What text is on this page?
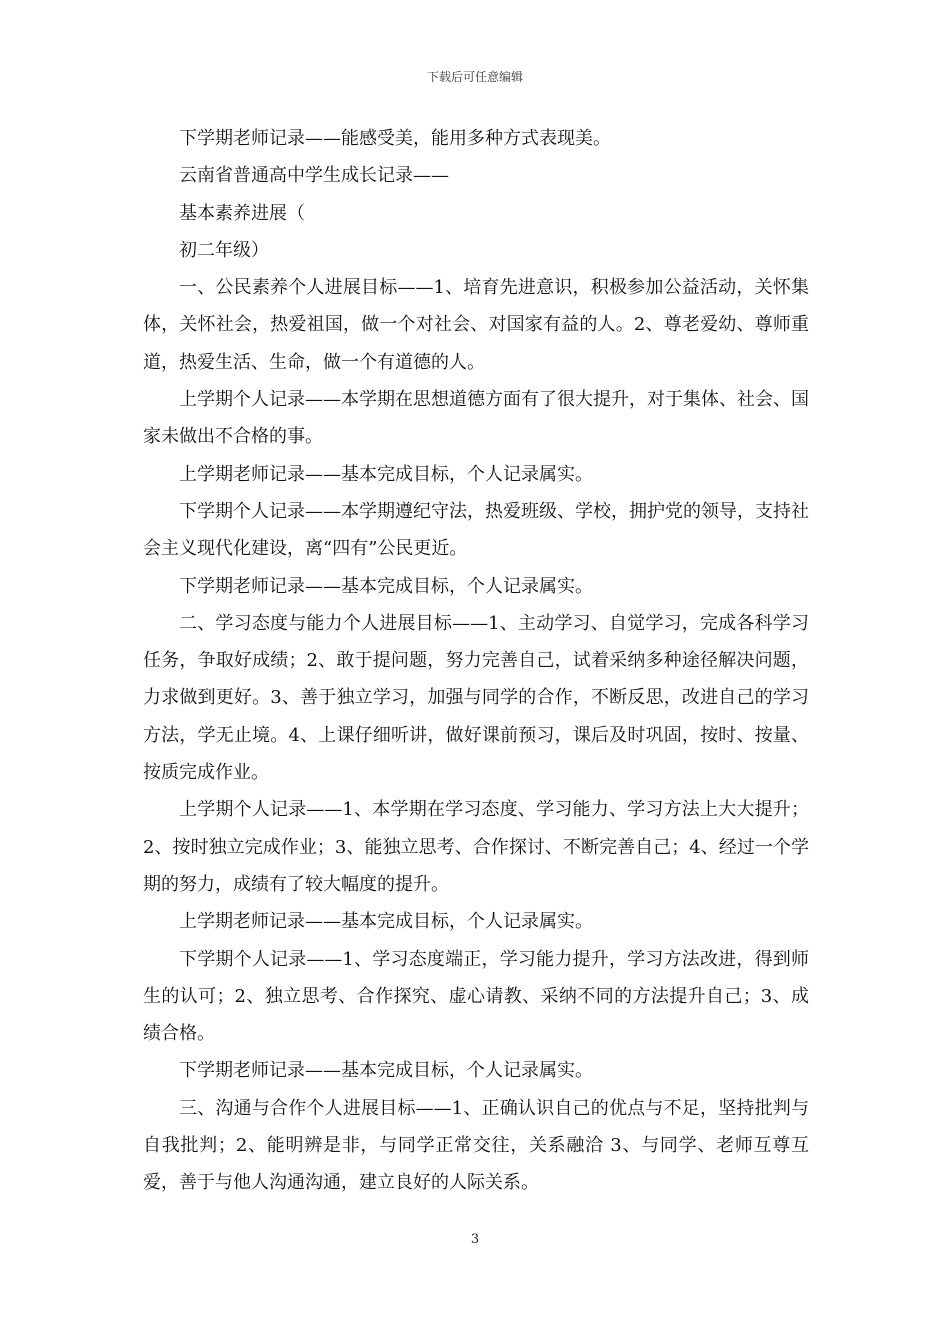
下载后可任意编辑

下学期老师记录——能感受美，能用多种方式表现美。

云南省普通高中学生成长记录——

基本素养进展（

初二年级）

一、公民素养个人进展目标——1、培育先进意识，积极参加公益活动，关怀集体，关怀社会，热爱祖国，做一个对社会、对国家有益的人。2、尊老爱幼、尊师重道，热爱生活、生命，做一个有道德的人。

上学期个人记录——本学期在思想道德方面有了很大提升，对于集体、社会、国家未做出不合格的事。

上学期老师记录——基本完成目标，个人记录属实。

下学期个人记录——本学期遵纪守法，热爱班级、学校，拥护党的领导，支持社会主义现代化建设，离“四有”公民更近。

下学期老师记录——基本完成目标，个人记录属实。

二、学习态度与能力个人进展目标——1、主动学习、自觉学习，完成各科学习任务，争取好成绩；2、敢于提问题，努力完善自己，试着采纳多种途径解决问题，力求做到更好。3、善于独立学习，加强与同学的合作，不断反思，改进自己的学习方法，学无止境。4、上课仔细听讲，做好课前预习，课后及时巩固，按时、按量、按质完成作业。

上学期个人记录——1、本学期在学习态度、学习能力、学习方法上大大提升；2、按时独立完成作业；3、能独立思考、合作探讨、不断完善自己；4、经过一个学期的努力，成绩有了较大幅度的提升。

上学期老师记录——基本完成目标，个人记录属实。

下学期个人记录——1、学习态度端正，学习能力提升，学习方法改进，得到师生的认可；2、独立思考、合作探究、虚心请教、采纳不同的方法提升自己；3、成绩合格。

下学期老师记录——基本完成目标，个人记录属实。

三、沟通与合作个人进展目标——1、正确认识自己的优点与不足，坚持批判与自我批判；2、能明辨是非，与同学正常交往，关系融洽 3、与同学、老师互尊互爱，善于与他人沟通沟通，建立良好的人际关系。

3
